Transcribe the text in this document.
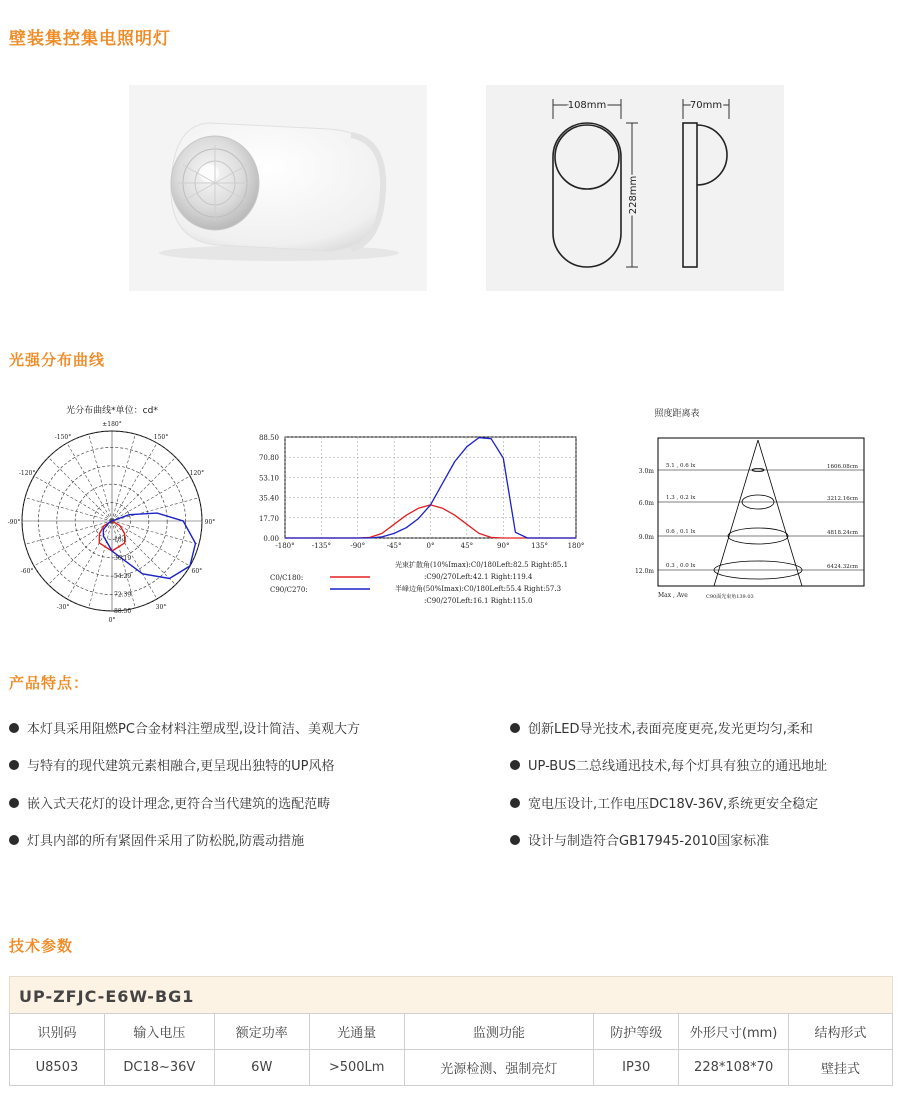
壁装集控集电照明灯
108mm
228mm
70mm
光强分布曲线
光分布曲线*单位：cd*
±180°
-150°	150°
-120°	120°
-90°	90°
-60°	60°
-30°	30°
0°
18.1
36.19
54.29
72.39
88.50
88.50
70.80
53.10
35.40
17.70
0.00
-180° -135°	-90°	-45°	0°	45°	90°	135°	180°
C0/C180:
C90/C270:
光束扩散角(10%Imax):C0/180Left:82.5 Right:85.1
:C90/270Left:42.1 Right:119.4
半峰边角(50%Imax):C0/180Left:55.4 Right:57.3
:C90/270Left:16.1 Right:115.0
照度距离表
3.0m
5.1 , 0.6 lx	1606.08cm
6.0m
1.3 , 0.2 lx	3212.16cm
9.0m
0.6 , 0.1 lx	4818.24cm
12.0m
0.3 , 0.0 lx	6424.32cm
Max , Ave	C90面光束角139.03
产品特点：
本灯具采用阻燃PC合金材料注塑成型,设计简洁、美观大方
与特有的现代建筑元素相融合,更呈现出独特的UP风格
嵌入式天花灯的设计理念,更符合当代建筑的选配范畴
灯具内部的所有紧固件采用了防松脱,防震动措施
创新LED导光技术,表面亮度更亮,发光更均匀,柔和
UP-BUS二总线通迅技术,每个灯具有独立的通迅地址
宽电压设计,工作电压DC18V-36V,系统更安全稳定
设计与制造符合GB17945-2010国家标准
技术参数
UP-ZFJC-E6W-BG1
识别码	输入电压	额定功率	光通量	监测功能	防护等级	外形尺寸(mm)	结构形式
U8503	DC18~36V	6W	>500Lm	光源检测、强制亮灯	IP30	228*108*70	壁挂式
